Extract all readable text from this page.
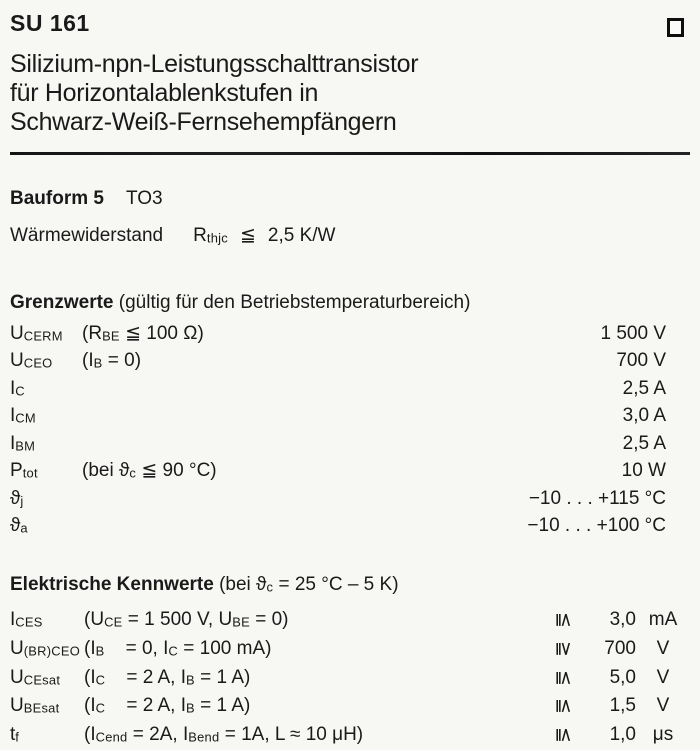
SU 161
Silizium-npn-Leistungsschalttransistor
für Horizontalablenkstufen in
Schwarz-Weiß-Fernsehempfängern
Bauform 5 TO3
Wärmewiderstand Rthjc ≦ 2,5 K/W
Grenzwerte (gültig für den Betriebstemperaturbereich)
UCERM	(RBE ≦ 100 Ω)	1 500 V
UCEO	(IB = 0)	700 V
IC	2,5 A
ICM	3,0 A
IBM	2,5 A
Ptot	(bei ϑc ≦ 90 °C)	10 W
ϑj	−10 . . . +115 °C
ϑa	−10 . . . +100 °C
Elektrische Kennwerte (bei ϑc = 25 °C – 5 K)
ICES	(UCE = 1 500 V, UBE = 0)	≦	3,0 mA
U(BR)CEO (IB    = 0, IC = 100 mA)	≧	700	V
UCEsat	(IC    = 2 A, IB = 1 A)	≦	5,0	V
UBEsat	(IC    = 2 A, IB = 1 A)	≦	1,5	V
tf	(ICend = 2A, IBend = 1A, L ≈ 10 μH)	≦	1,0 μs
